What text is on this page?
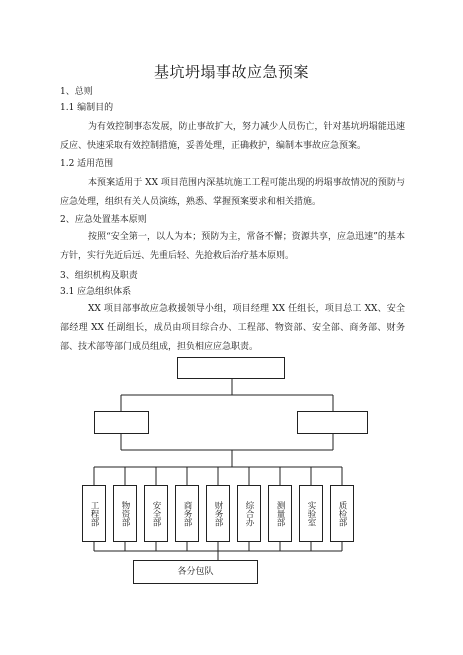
基坑坍塌事故应急预案
1、总则
1.1 编制目的
为有效控制事态发展，防止事故扩大，努力减少人员伤亡，针对基坑坍塌能迅速反应、快速采取有效控制措施，妥善处理，正确救护，编制本事故应急预案。
1.2 适用范围
本预案适用于 XX 项目范围内深基坑施工工程可能出现的坍塌事故情况的预防与应急处理，组织有关人员演练，熟悉、掌握预案要求和相关措施。
2、应急处置基本原则
按照“安全第一，以人为本；预防为主，常备不懈；资源共享，应急迅速”的基本方针，实行先近后远、先重后轻、先抢救后治疗基本原则。
3、组织机构及职责
3.1 应急组织体系
XX 项目部事故应急救援领导小组，项目经理 XX 任组长，项目总工 XX、安全部经理 XX 任副组长，成员由项目综合办、工程部、物资部、安全部、商务部、财务部、技术部等部门成员组成，担负相应应急职责。
工程部	物资部	安全部	商务部	财务部	综合办	测量部	实验室	质检部
各分包队
